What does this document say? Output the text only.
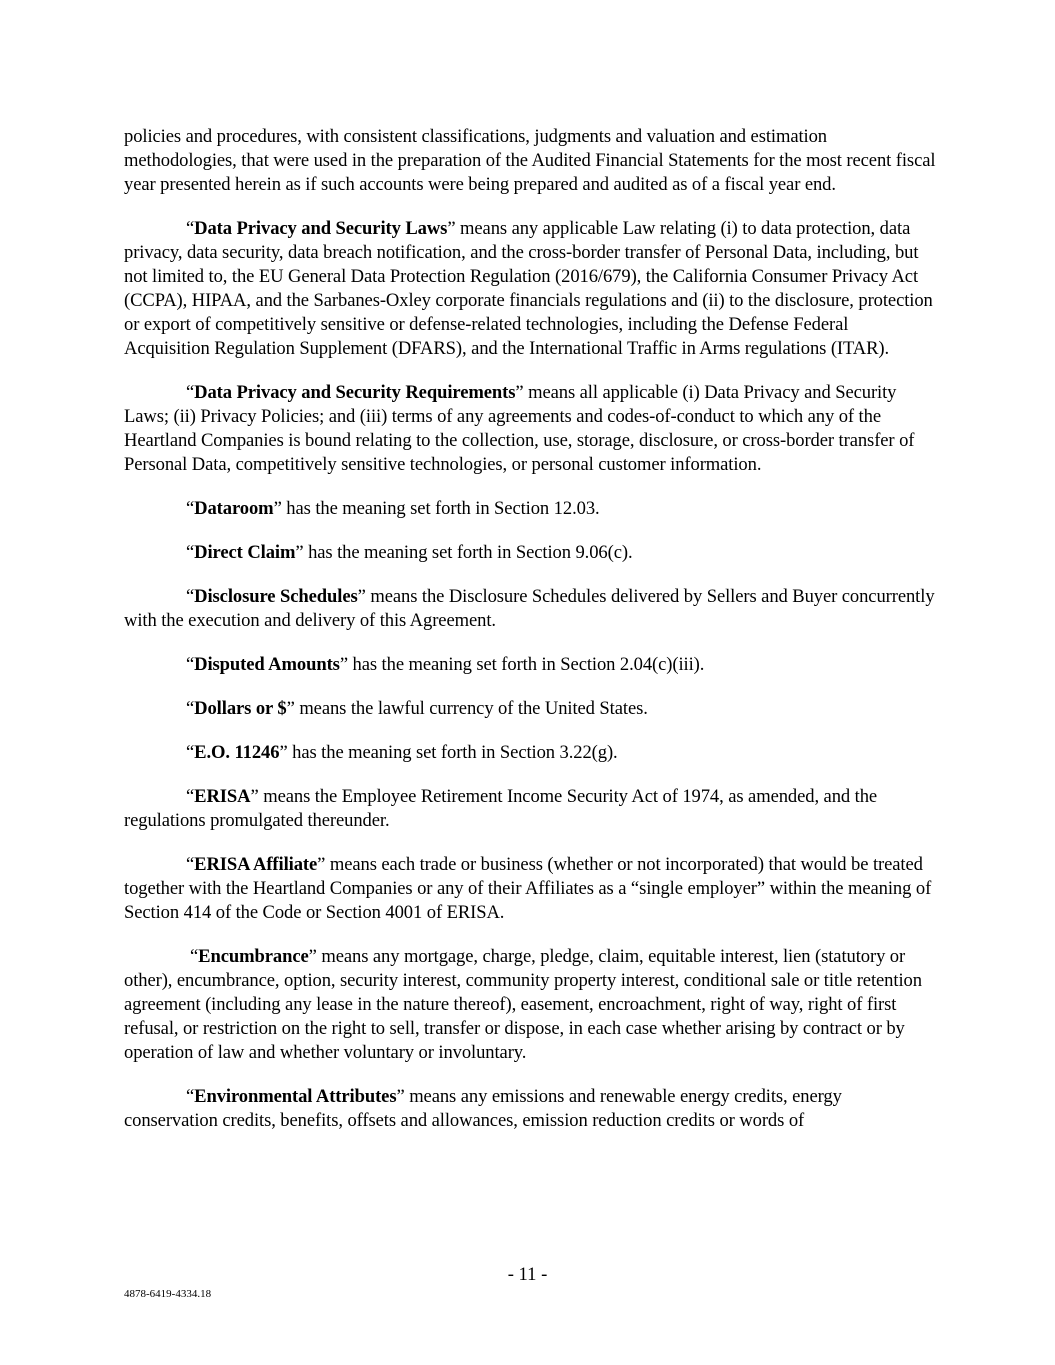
policies and procedures, with consistent classifications, judgments and valuation and estimation methodologies, that were used in the preparation of the Audited Financial Statements for the most recent fiscal year presented herein as if such accounts were being prepared and audited as of a fiscal year end.

“Data Privacy and Security Laws” means any applicable Law relating (i) to data protection, data privacy, data security, data breach notification, and the cross-border transfer of Personal Data, including, but not limited to, the EU General Data Protection Regulation (2016/679), the California Consumer Privacy Act (CCPA), HIPAA, and the Sarbanes-Oxley corporate financials regulations and (ii) to the disclosure, protection or export of competitively sensitive or defense-related technologies, including the Defense Federal Acquisition Regulation Supplement (DFARS), and the International Traffic in Arms regulations (ITAR).

“Data Privacy and Security Requirements” means all applicable (i) Data Privacy and Security Laws; (ii) Privacy Policies; and (iii) terms of any agreements and codes-of-conduct to which any of the Heartland Companies is bound relating to the collection, use, storage, disclosure, or cross-border transfer of Personal Data, competitively sensitive technologies, or personal customer information.

“Dataroom” has the meaning set forth in Section 12.03.

“Direct Claim” has the meaning set forth in Section 9.06(c).

“Disclosure Schedules” means the Disclosure Schedules delivered by Sellers and Buyer concurrently with the execution and delivery of this Agreement.

“Disputed Amounts” has the meaning set forth in Section 2.04(c)(iii).

“Dollars or $” means the lawful currency of the United States.

“E.O. 11246” has the meaning set forth in Section 3.22(g).

“ERISA” means the Employee Retirement Income Security Act of 1974, as amended, and the regulations promulgated thereunder.

“ERISA Affiliate” means each trade or business (whether or not incorporated) that would be treated together with the Heartland Companies or any of their Affiliates as a “single employer” within the meaning of Section 414 of the Code or Section 4001 of ERISA.

“Encumbrance” means any mortgage, charge, pledge, claim, equitable interest, lien (statutory or other), encumbrance, option, security interest, community property interest, conditional sale or title retention agreement (including any lease in the nature thereof), easement, encroachment, right of way, right of first refusal, or restriction on the right to sell, transfer or dispose, in each case whether arising by contract or by operation of law and whether voluntary or involuntary.

“Environmental Attributes” means any emissions and renewable energy credits, energy conservation credits, benefits, offsets and allowances, emission reduction credits or words of

- 11 -
4878-6419-4334.18
